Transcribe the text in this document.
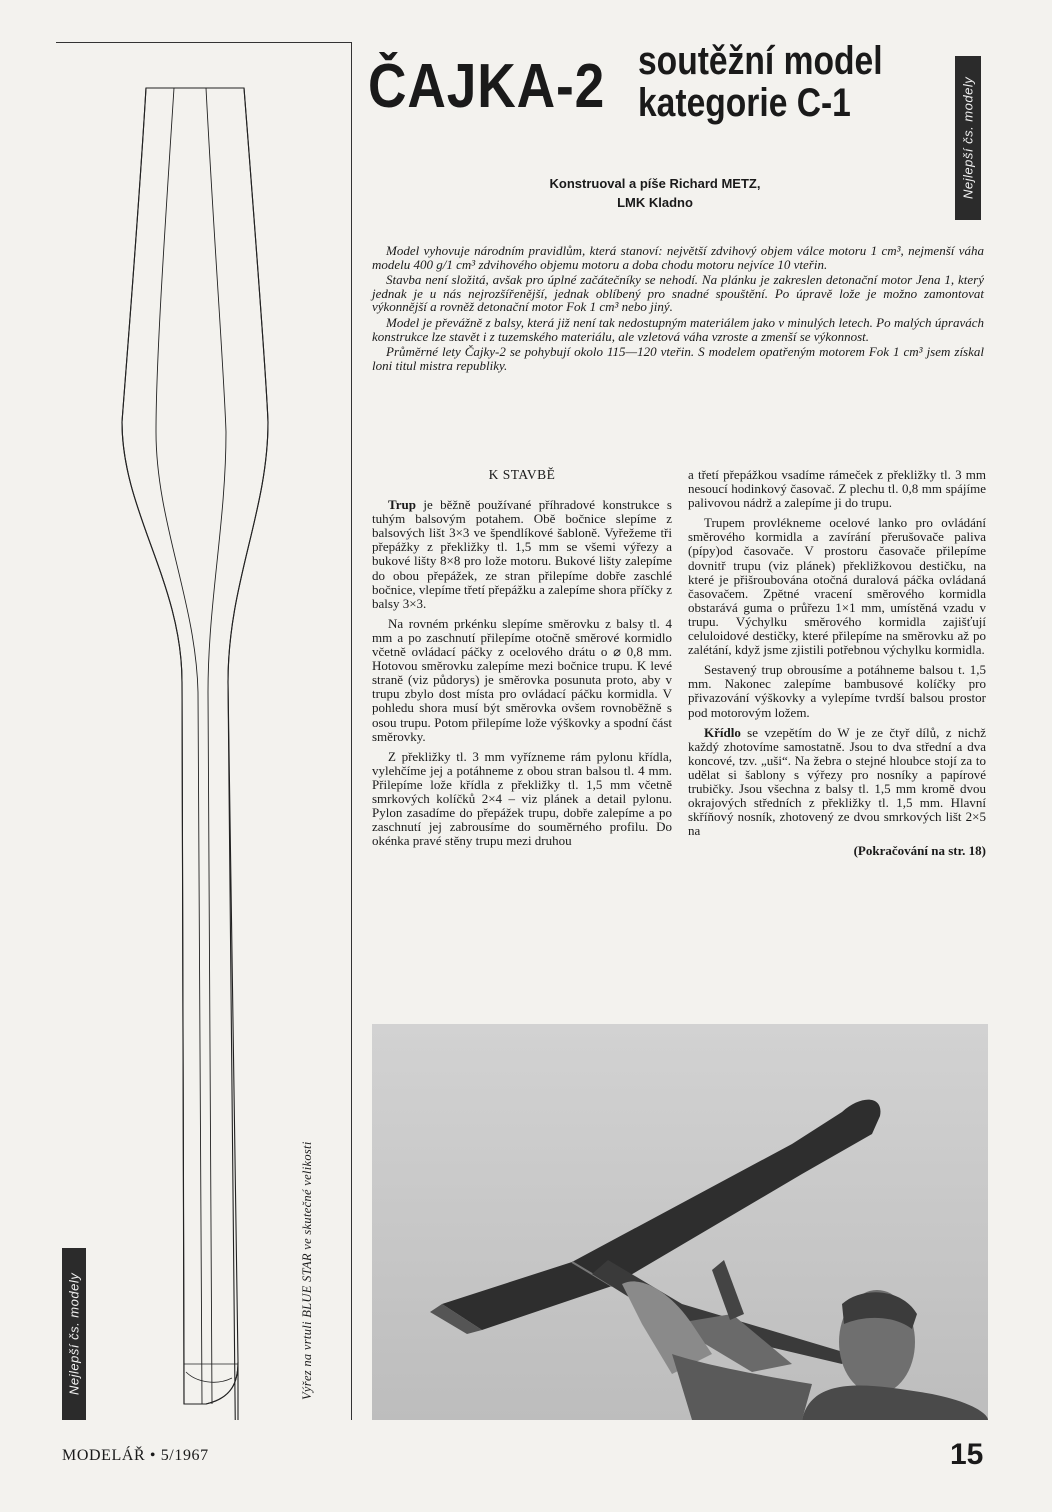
Výřez na vrtuli BLUE STAR ve skutečné velikosti
Nejlepší čs. modely
ČAJKA-2 soutěžní model
kategorie C-1	Nejlepší čs. modely
Konstruoval a píše Richard METZ,
LMK Kladno

Model vyhovuje národním pravidlům, která stanoví: největší zdvihový objem válce motoru 1 cm³, nejmenší váha modelu 400 g/1 cm³ zdvihového objemu motoru a doba chodu motoru nejvíce 10 vteřin.

Stavba není složitá, avšak pro úplné začátečníky se nehodí. Na plánku je zakreslen detonační motor Jena 1, který jednak je u nás nejrozšířenější, jednak oblíbený pro snadné spouštění. Po úpravě lože je možno zamontovat výkonnější a rovněž detonační motor Fok 1 cm³ nebo jiný.

Model je převážně z balsy, která již není tak nedostupným materiálem jako v minulých letech. Po malých úpravách konstrukce lze stavět i z tuzemského materiálu, ale vzletová váha vzroste a zmenší se výkonnost.

Průměrné lety Čajky-2 se pohybují okolo 115—120 vteřin. S modelem opatřeným motorem Fok 1 cm³ jsem získal loni titul mistra republiky.

K STAVBĚ

Trup je běžně používané příhradové konstrukce s tuhým balsovým potahem. Obě bočnice slepíme z balsových lišt 3×3 ve špendlíkové šabloně. Vyřežeme tři přepážky z překližky tl. 1,5 mm se všemi výřezy a bukové lišty 8×8 pro lože motoru. Bukové lišty zalepíme do obou přepážek, ze stran přilepíme dobře zaschlé bočnice, vlepíme třetí přepážku a zalepíme shora příčky z balsy 3×3.

Na rovném prkénku slepíme směrovku z balsy tl. 4 mm a po zaschnutí přilepíme otočně směrové kormidlo včetně ovládací páčky z ocelového drátu o ⌀ 0,8 mm. Hotovou směrovku zalepíme mezi bočnice trupu. K levé straně (viz půdorys) je směrovka posunuta proto, aby v trupu zbylo dost místa pro ovládací páčku kormidla. V pohledu shora musí být směrovka ovšem rovnoběžně s osou trupu. Potom přilepíme lože výškovky a spodní část směrovky.

Z překližky tl. 3 mm vyřízneme rám pylonu křídla, vylehčíme jej a potáhneme z obou stran balsou tl. 4 mm. Přilepíme lože křídla z překližky tl. 1,5 mm včetně smrkových kolíčků 2×4 – viz plánek a detail pylonu. Pylon zasadíme do přepážek trupu, dobře zalepíme a po zaschnutí jej zabrousíme do souměrného profilu. Do okénka pravé stěny trupu mezi druhou

a třetí přepážkou vsadíme rámeček z překližky tl. 3 mm nesoucí hodinkový časovač. Z plechu tl. 0,8 mm spájíme palivovou nádrž a zalepíme ji do trupu.

Trupem provlékneme ocelové lanko pro ovládání směrového kormidla a zavírání přerušovače paliva (pípy)od časovače. V prostoru časovače přilepíme dovnitř trupu (viz plánek) překližkovou destičku, na které je přišroubována otočná duralová páčka ovládaná časovačem. Zpětné vracení směrového kormidla obstarává guma o průřezu 1×1 mm, umístěná vzadu v trupu. Výchylku směrového kormidla zajišťují celuloidové destičky, které přilepíme na směrovku až po zalétání, když jsme zjistili potřebnou výchylku kormidla.

Sestavený trup obrousíme a potáhneme balsou t. 1,5 mm. Nakonec zalepíme bambusové kolíčky pro přivazování výškovky a vylepíme tvrdší balsou prostor pod motorovým ložem.

Křídlo se vzepětím do W je ze čtyř dílů, z nichž každý zhotovíme samostatně. Jsou to dva střední a dva koncové, tzv. „uši“. Na žebra o stejné hloubce stojí za to udělat si šablony s výřezy pro nosníky a papírové trubičky. Jsou všechna z balsy tl. 1,5 mm kromě dvou okrajových středních z překližky tl. 1,5 mm. Hlavní skříňový nosník, zhotovený ze dvou smrkových lišt 2×5 na

(Pokračování na str. 18)
MODELÁŘ • 5/1967	15
